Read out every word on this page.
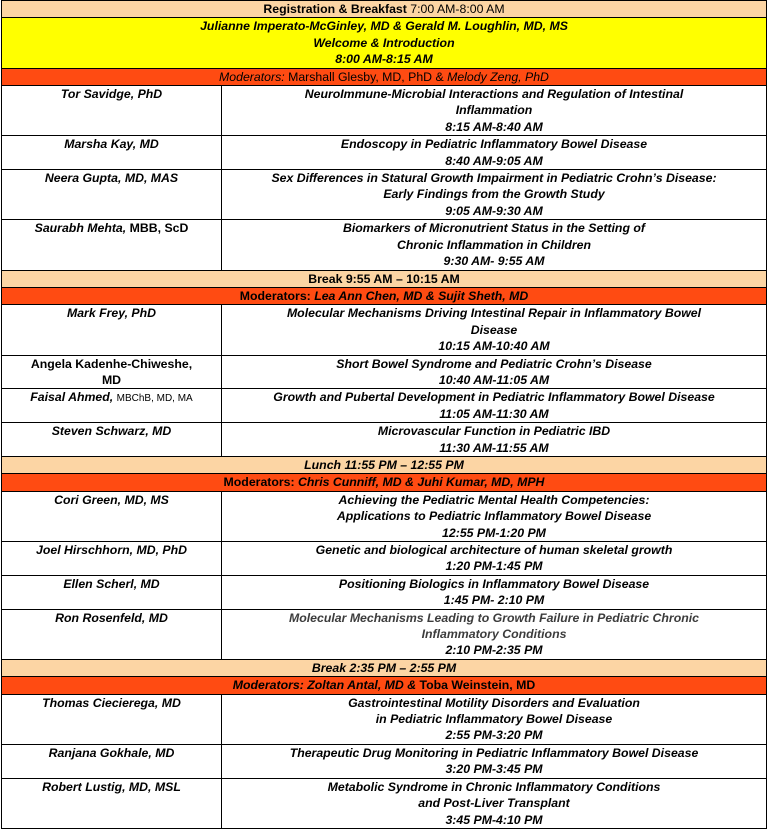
Registration & Breakfast 7:00 AM-8:00 AM	

Julianne Imperato-McGinley, MD & Gerald M. Loughlin, MD, MS
Welcome & Introduction
8:00 AM-8:15 AM	

Moderators: Marshall Glesby, MD, PhD & Melody Zeng, PhD	
Tor Savidge, PhD	NeuroImmune-Microbial Interactions and Regulation of Intestinal
Inflammation
8:15 AM-8:40 AM

Marsha Kay, MD	Endoscopy in Pediatric Inflammatory Bowel Disease
8:40 AM-9:05 AM

Neera Gupta, MD, MAS	Sex Differences in Statural Growth Impairment in Pediatric Crohn’s Disease:
Early Findings from the Growth Study
9:05 AM-9:30 AM

Saurabh Mehta, MBB, ScD	Biomarkers of Micronutrient Status in the Setting of
Chronic Inflammation in Children
9:30 AM- 9:55 AM

Break 9:55 AM – 10:15 AM	
Moderators: Lea Ann Chen, MD & Sujit Sheth, MD	
Mark Frey, PhD	Molecular Mechanisms Driving Intestinal Repair in Inflammatory Bowel
Disease
10:15 AM-10:40 AM

Angela Kadenhe-Chiweshe,
MD	Short Bowel Syndrome and Pediatric Crohn’s Disease
10:40 AM-11:05 AM

Faisal Ahmed, MBChB, MD, MA	Growth and Pubertal Development in Pediatric Inflammatory Bowel Disease
11:05 AM-11:30 AM

Steven Schwarz, MD	Microvascular Function in Pediatric IBD
11:30 AM-11:55 AM

Lunch 11:55 PM – 12:55 PM	
Moderators: Chris Cunniff, MD & Juhi Kumar, MD, MPH	
Cori Green, MD, MS	Achieving the Pediatric Mental Health Competencies:
Applications to Pediatric Inflammatory Bowel Disease
12:55 PM-1:20 PM

Joel Hirschhorn, MD, PhD	Genetic and biological architecture of human skeletal growth
1:20 PM-1:45 PM

Ellen Scherl, MD	Positioning Biologics in Inflammatory Bowel Disease
1:45 PM- 2:10 PM

Ron Rosenfeld, MD	Molecular Mechanisms Leading to Growth Failure in Pediatric Chronic
Inflammatory Conditions
2:10 PM-2:35 PM

Break 2:35 PM – 2:55 PM	
Moderators: Zoltan Antal, MD & Toba Weinstein, MD	
Thomas Ciecierega, MD	Gastrointestinal Motility Disorders and Evaluation
in Pediatric Inflammatory Bowel Disease
2:55 PM-3:20 PM

Ranjana Gokhale, MD	Therapeutic Drug Monitoring in Pediatric Inflammatory Bowel Disease
3:20 PM-3:45 PM

Robert Lustig, MD, MSL	Metabolic Syndrome in Chronic Inflammatory Conditions
and Post-Liver Transplant
3:45 PM-4:10 PM
